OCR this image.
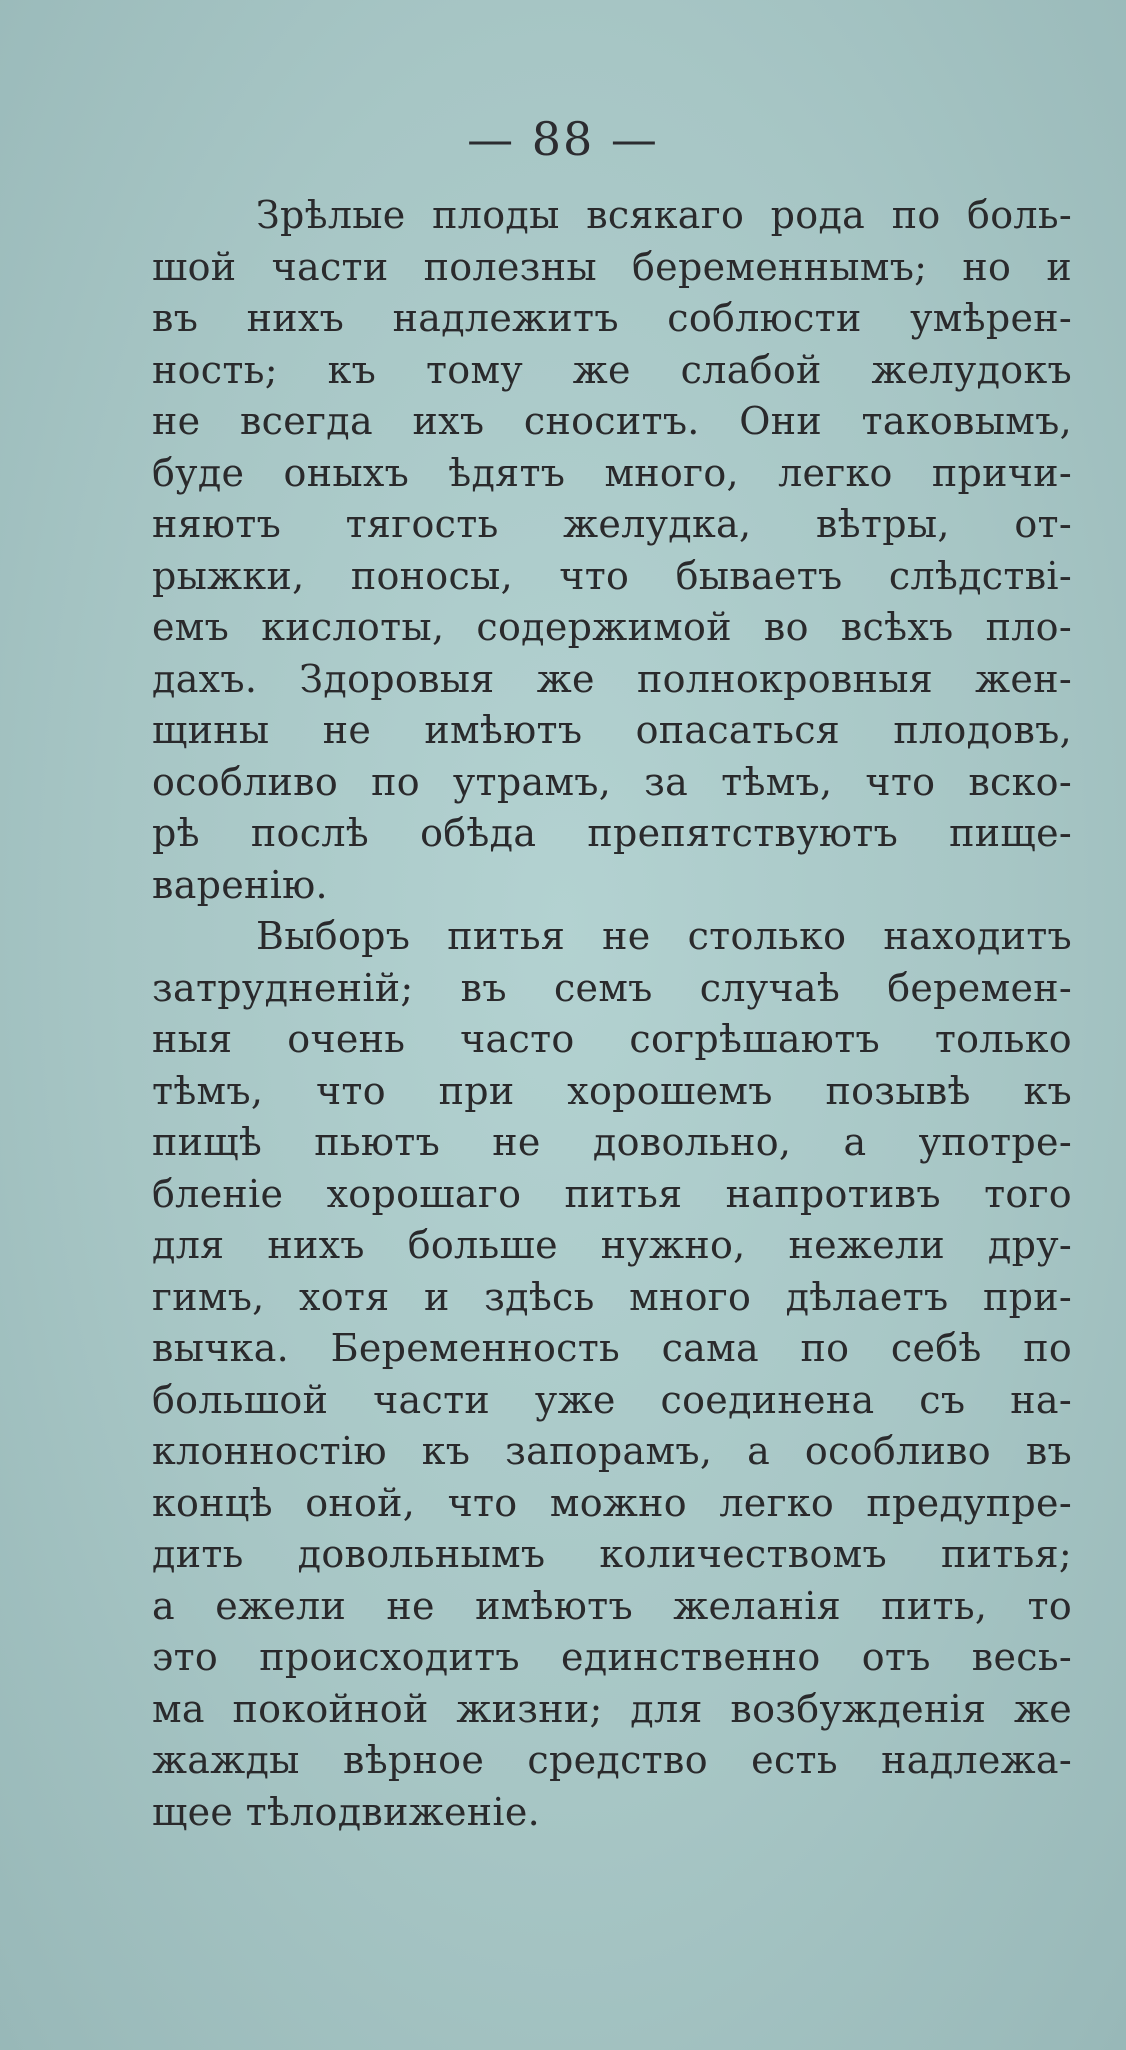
— 88 —
Зрѣлые плоды всякаго рода по боль-
шой части полезны беременнымъ; но и
въ нихъ надлежитъ соблюсти умѣрен-
ность; къ тому же слабой желудокъ
не всегда ихъ сноситъ. Они таковымъ,
буде оныхъ ѣдятъ много, легко причи-
няютъ тягость желудка, вѣтры, от-
рыжки, поносы, что бываетъ слѣдствi-
емъ кислоты, содержимой во всѣхъ пло-
дахъ. Здоровыя же полнокровныя жен-
щины не имѣютъ опасаться плодовъ,
особливо по утрамъ, за тѣмъ, что вско-
рѣ послѣ обѣда препятствуютъ пище-
варенiю.
Выборъ питья не столько находитъ
затрудненiй; въ семъ случаѣ беремен-
ныя очень часто согрѣшаютъ только
тѣмъ, что при хорошемъ позывѣ къ
пищѣ пьютъ не довольно, а употре-
бленiе хорошаго питья напротивъ того
для нихъ больше нужно, нежели дру-
гимъ, хотя и здѣсь много дѣлаетъ при-
вычка. Беременность сама по себѣ по
большой части уже соединена съ на-
клонностiю къ запорамъ, а особливо въ
концѣ оной, что можно легко предупре-
дить довольнымъ количествомъ питья;
а ежели не имѣютъ желанiя пить, то
это происходитъ единственно отъ весь-
ма покойной жизни; для возбужденiя же
жажды вѣрное средство есть надлежа-
щее тѣлодвиженiе.
